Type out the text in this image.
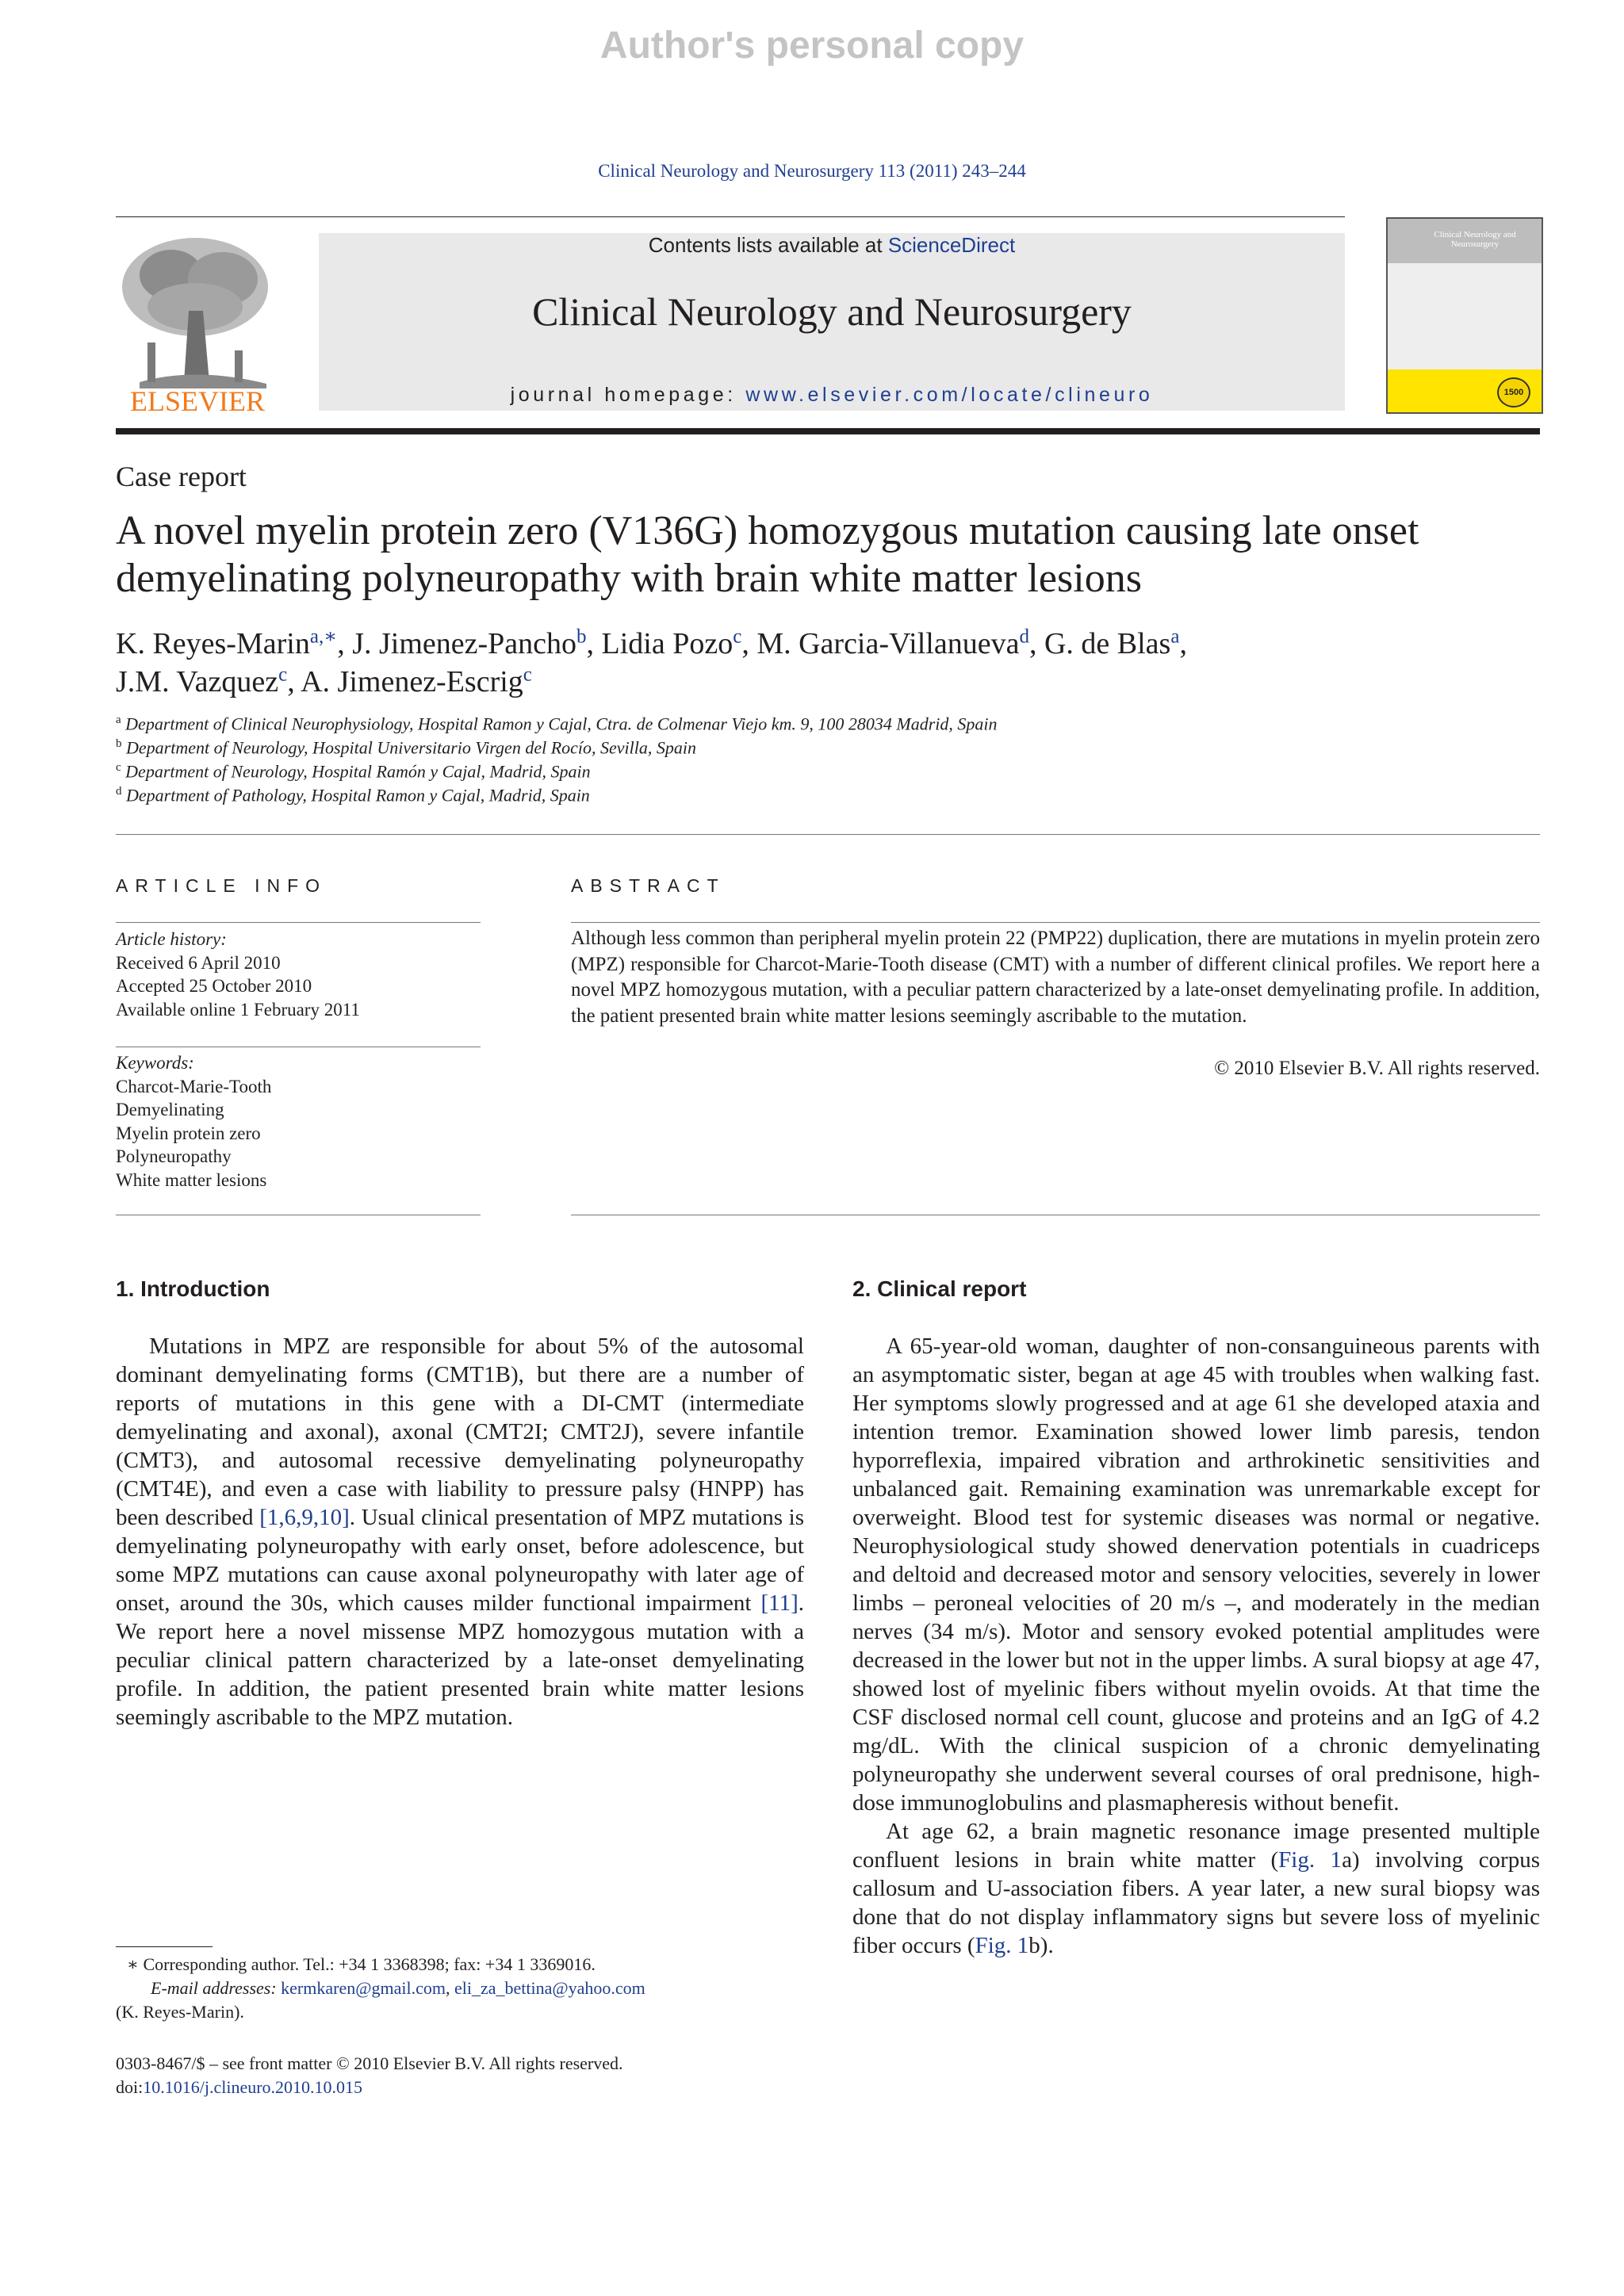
Author's personal copy
Clinical Neurology and Neurosurgery 113 (2011) 243–244
ELSEVIER
Contents lists available at ScienceDirect
Clinical Neurology and Neurosurgery
journal homepage: www.elsevier.com/locate/clineuro
Clinical Neurology and Neurosurgery
1500
Case report
A novel myelin protein zero (V136G) homozygous mutation causing late onset demyelinating polyneuropathy with brain white matter lesions
K. Reyes-Marin$^{a,∗}$, J. Jimenez-Pancho$^b$, Lidia Pozo$^c$, M. Garcia-Villanueva$^d$, G. de Blas$^a$,
J.M. Vazquez$^c$, A. Jimenez-Escrig$^c$
$^a$ Department of Clinical Neurophysiology, Hospital Ramon y Cajal, Ctra. de Colmenar Viejo km. 9, 100 28034 Madrid, Spain
$^b$ Department of Neurology, Hospital Universitario Virgen del Rocío, Sevilla, Spain
$^c$ Department of Neurology, Hospital Ramón y Cajal, Madrid, Spain
$^d$ Department of Pathology, Hospital Ramon y Cajal, Madrid, Spain
ARTICLE INFO
Article history:
Received 6 April 2010
Accepted 25 October 2010
Available online 1 February 2011
Keywords:
Charcot-Marie-Tooth
Demyelinating
Myelin protein zero
Polyneuropathy
White matter lesions
ABSTRACT
Although less common than peripheral myelin protein 22 (PMP22) duplication, there are mutations in myelin protein zero (MPZ) responsible for Charcot-Marie-Tooth disease (CMT) with a number of different clinical profiles. We report here a novel MPZ homozygous mutation, with a peculiar pattern characterized by a late-onset demyelinating profile. In addition, the patient presented brain white matter lesions seemingly ascribable to the mutation.
© 2010 Elsevier B.V. All rights reserved.
1. Introduction

Mutations in MPZ are responsible for about 5% of the autosomal dominant demyelinating forms (CMT1B), but there are a number of reports of mutations in this gene with a DI-CMT (intermediate demyelinating and axonal), axonal (CMT2I; CMT2J), severe infantile (CMT3), and autosomal recessive demyelinating polyneuropathy (CMT4E), and even a case with liability to pressure palsy (HNPP) has been described [1,6,9,10]. Usual clinical presentation of MPZ mutations is demyelinating polyneuropathy with early onset, before adolescence, but some MPZ mutations can cause axonal polyneuropathy with later age of onset, around the 30s, which causes milder functional impairment [11]. We report here a novel missense MPZ homozygous mutation with a peculiar clinical pattern characterized by a late-onset demyelinating profile. In addition, the patient presented brain white matter lesions seemingly ascribable to the MPZ mutation.

2. Clinical report

A 65-year-old woman, daughter of non-consanguineous parents with an asymptomatic sister, began at age 45 with troubles when walking fast. Her symptoms slowly progressed and at age 61 she developed ataxia and intention tremor. Examination showed lower limb paresis, tendon hyporreflexia, impaired vibration and arthrokinetic sensitivities and unbalanced gait. Remaining examination was unremarkable except for overweight. Blood test for systemic diseases was normal or negative. Neurophysiological study showed denervation potentials in cuadriceps and deltoid and decreased motor and sensory velocities, severely in lower limbs – peroneal velocities of 20 m/s –, and moderately in the median nerves (34 m/s). Motor and sensory evoked potential amplitudes were decreased in the lower but not in the upper limbs. A sural biopsy at age 47, showed lost of myelinic fibers without myelin ovoids. At that time the CSF disclosed normal cell count, glucose and proteins and an IgG of 4.2 mg/dL. With the clinical suspicion of a chronic demyelinating polyneuropathy she underwent several courses of oral prednisone, high-dose immunoglobulins and plasmapheresis without benefit.

At age 62, a brain magnetic resonance image presented multiple confluent lesions in brain white matter (Fig. 1a) involving corpus callosum and U-association fibers. A year later, a new sural biopsy was done that do not display inflammatory signs but severe loss of myelinic fiber occurs (Fig. 1b).

∗ Corresponding author. Tel.: +34 1 3368398; fax: +34 1 3369016.
E-mail addresses: kermkaren@gmail.com, eli_za_bettina@yahoo.com
(K. Reyes-Marin).
0303-8467/$ – see front matter © 2010 Elsevier B.V. All rights reserved.
doi:10.1016/j.clineuro.2010.10.015
